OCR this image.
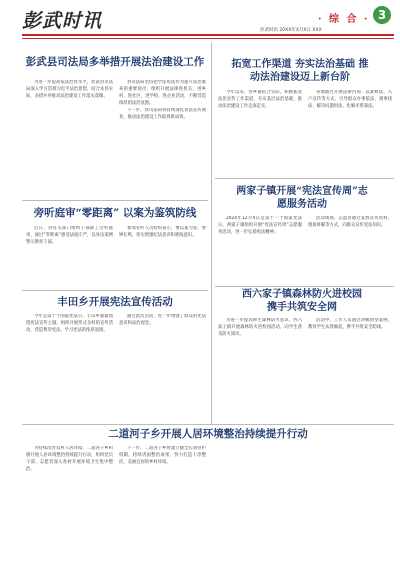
彭武时讯	· 综 合 · 3
彭武时讯 20XX年X月X日 XXX
彭武县司法局多举措开展法治建设工作

为进一步提高依法治县水平，彭武县司法局深入学习贯彻习近平法治思想，结合本县实际，多措并举推动法治建设工作落实落细。

县司法局坚持把学法用法作为提升法治素养的重要途径，组织开展法律进机关、进乡村、进社区、进学校、进企业活动，不断营造浓厚的法治氛围。

下一步，县司法局将持续深化普法宣传教育，推动法治建设工作取得新成效。

拓宽工作渠道 夯实法治基础 推动法治建设迈上新台阶

今年以来，各乡镇结合实际，积极拓宽法治宣传工作渠道，夯实基层法治基础，推动法治建设工作走深走实。

各地通过开展法律咨询、以案释法、入户宣传等方式，引导群众办事依法、遇事找法、解决问题用法、化解矛盾靠法。

旁听庭审“零距离” 以案为鉴筑防线

近日，县有关部门组织干部职工旁听庭审，通过“零距离”感受法庭庄严，以身边案例警示教育干部。

参加旁听人员纷纷表示，要以案为鉴、警钟长鸣，切实增强纪法意识和底线意识。

两家子镇开展“宪法宣传周”志愿服务活动

2024年12月4日是第十一个国家宪法日，两家子镇组织开展“宪法宣传周”志愿服务活动，进一步弘扬宪法精神。

活动现场，志愿者通过发放宣传资料、现场讲解等方式，向群众宣传宪法知识。

丰田乡开展宪法宣传活动

今年是第十个国家宪法日，丰田乡紧紧围绕宪法宣传主题，组织开展形式多样的宣传活动，营造尊崇宪法、学习宪法的浓厚氛围。

通过此次活动，进一步增强了群众的宪法意识和法治观念。

西六家子镇森林防火进校园 携手共筑安全网

为进一步提高师生森林防火意识，西六家子镇开展森林防火进校园活动，向学生普及防火知识。

活动中，工作人员通过讲解典型案例，教育学生从我做起，携手共筑安全防线。

二道河子乡开展人居环境整治持续提升行动

为持续改善农村人居环境，二道河子乡积极开展人居环境整治持续提升行动，组织党员干部、志愿者深入各村开展环境卫生集中整治。

下一步，二道河子乡将建立健全长效管护机制，持续巩固整治成果，努力打造干净整洁、美丽宜居的乡村环境。
